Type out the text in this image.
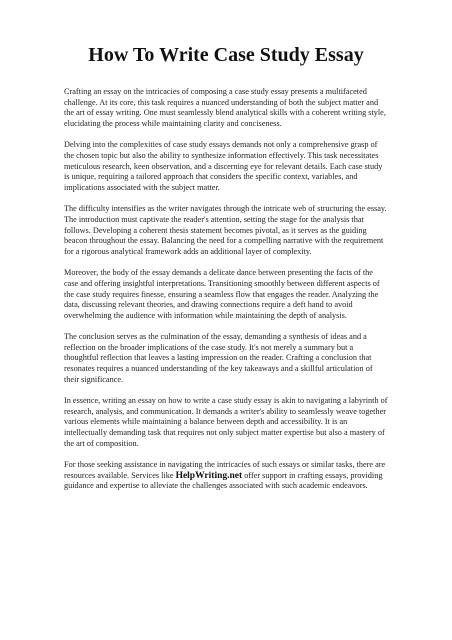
How To Write Case Study Essay

Crafting an essay on the intricacies of composing a case study essay presents a multifaceted challenge. At its core, this task requires a nuanced understanding of both the subject matter and the art of essay writing. One must seamlessly blend analytical skills with a coherent writing style, elucidating the process while maintaining clarity and conciseness.

Delving into the complexities of case study essays demands not only a comprehensive grasp of the chosen topic but also the ability to synthesize information effectively. This task necessitates meticulous research, keen observation, and a discerning eye for relevant details. Each case study is unique, requiring a tailored approach that considers the specific context, variables, and implications associated with the subject matter.

The difficulty intensifies as the writer navigates through the intricate web of structuring the essay. The introduction must captivate the reader's attention, setting the stage for the analysis that follows. Developing a coherent thesis statement becomes pivotal, as it serves as the guiding beacon throughout the essay. Balancing the need for a compelling narrative with the requirement for a rigorous analytical framework adds an additional layer of complexity.

Moreover, the body of the essay demands a delicate dance between presenting the facts of the case and offering insightful interpretations. Transitioning smoothly between different aspects of the case study requires finesse, ensuring a seamless flow that engages the reader. Analyzing the data, discussing relevant theories, and drawing connections require a deft hand to avoid overwhelming the audience with information while maintaining the depth of analysis.

The conclusion serves as the culmination of the essay, demanding a synthesis of ideas and a reflection on the broader implications of the case study. It's not merely a summary but a thoughtful reflection that leaves a lasting impression on the reader. Crafting a conclusion that resonates requires a nuanced understanding of the key takeaways and a skillful articulation of their significance.

In essence, writing an essay on how to write a case study essay is akin to navigating a labyrinth of research, analysis, and communication. It demands a writer's ability to seamlessly weave together various elements while maintaining a balance between depth and accessibility. It is an intellectually demanding task that requires not only subject matter expertise but also a mastery of the art of composition.

For those seeking assistance in navigating the intricacies of such essays or similar tasks, there are resources available. Services like HelpWriting.net offer support in crafting essays, providing guidance and expertise to alleviate the challenges associated with such academic endeavors.
